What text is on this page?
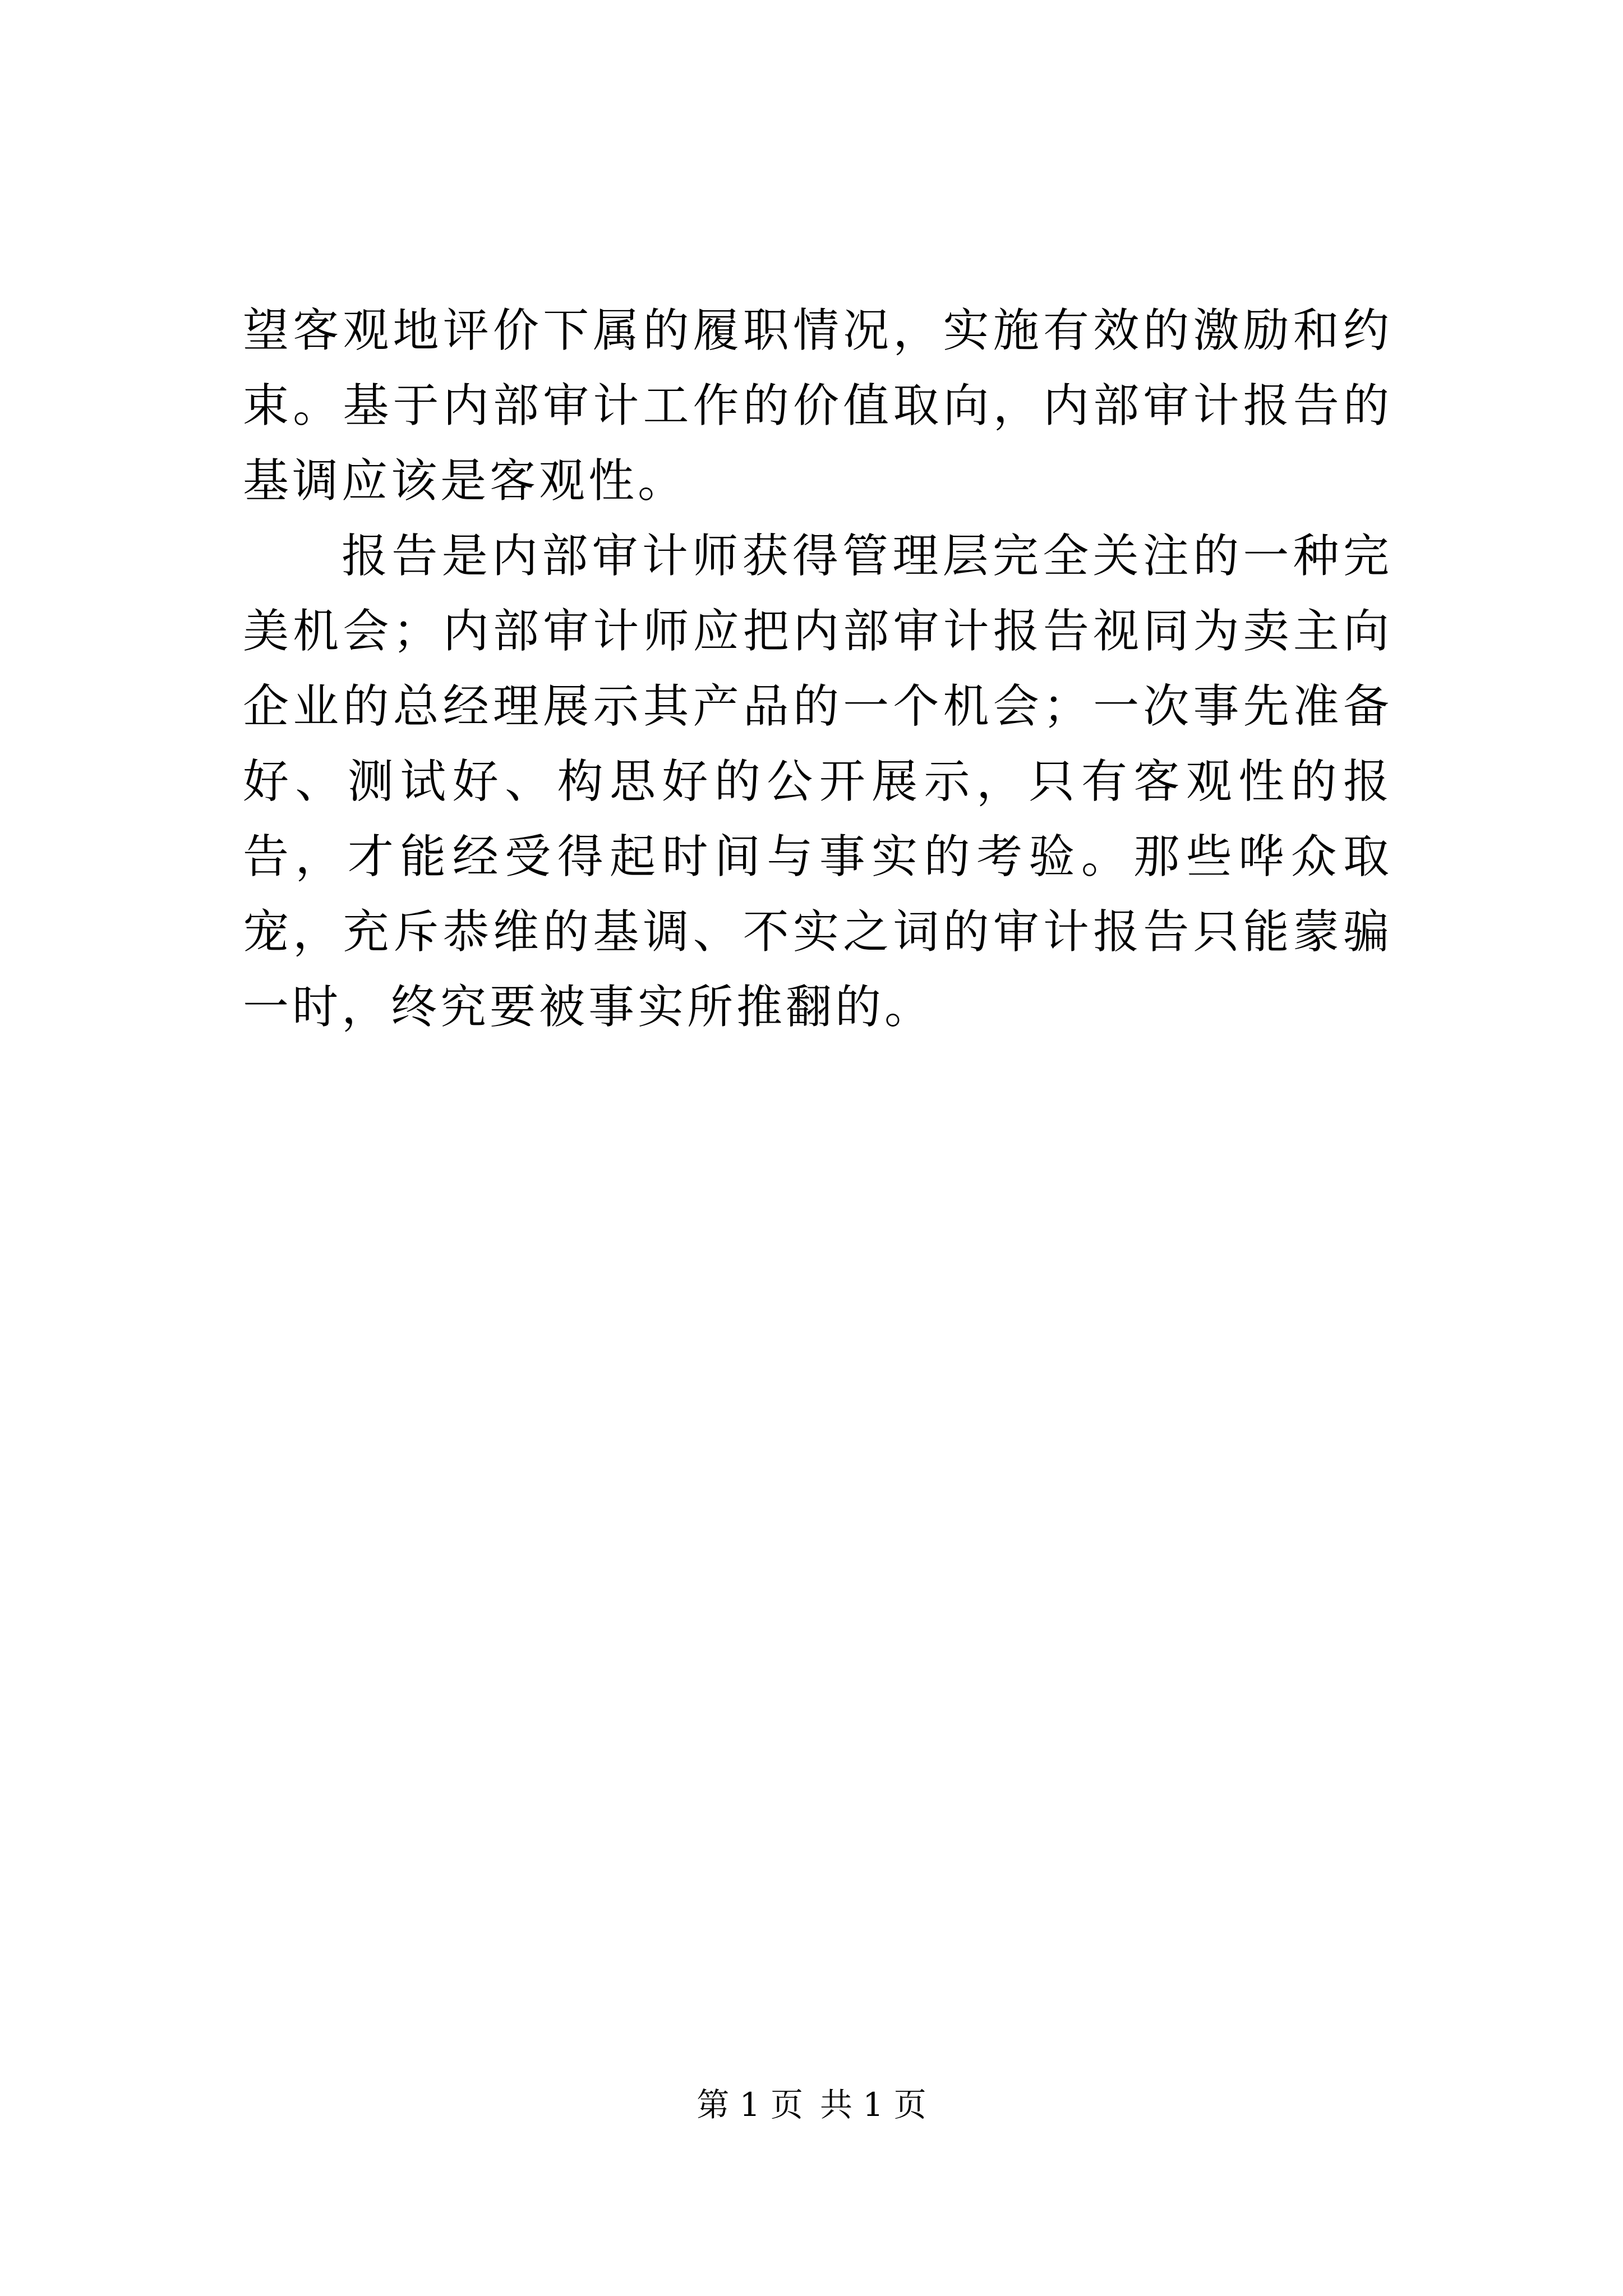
望客观地评价下属的履职情况，实施有效的激励和约束。基于内部审计工作的价值取向，内部审计报告的基调应该是客观性。

报告是内部审计师获得管理层完全关注的一种完美机会；内部审计师应把内部审计报告视同为卖主向企业的总经理展示其产品的一个机会；一次事先准备好、测试好、构思好的公开展示，只有客观性的报告，才能经受得起时间与事实的考验。那些哗众取宠，充斥恭维的基调、不实之词的审计报告只能蒙骗一时，终究要被事实所推翻的。

第 1 页 共 1 页
